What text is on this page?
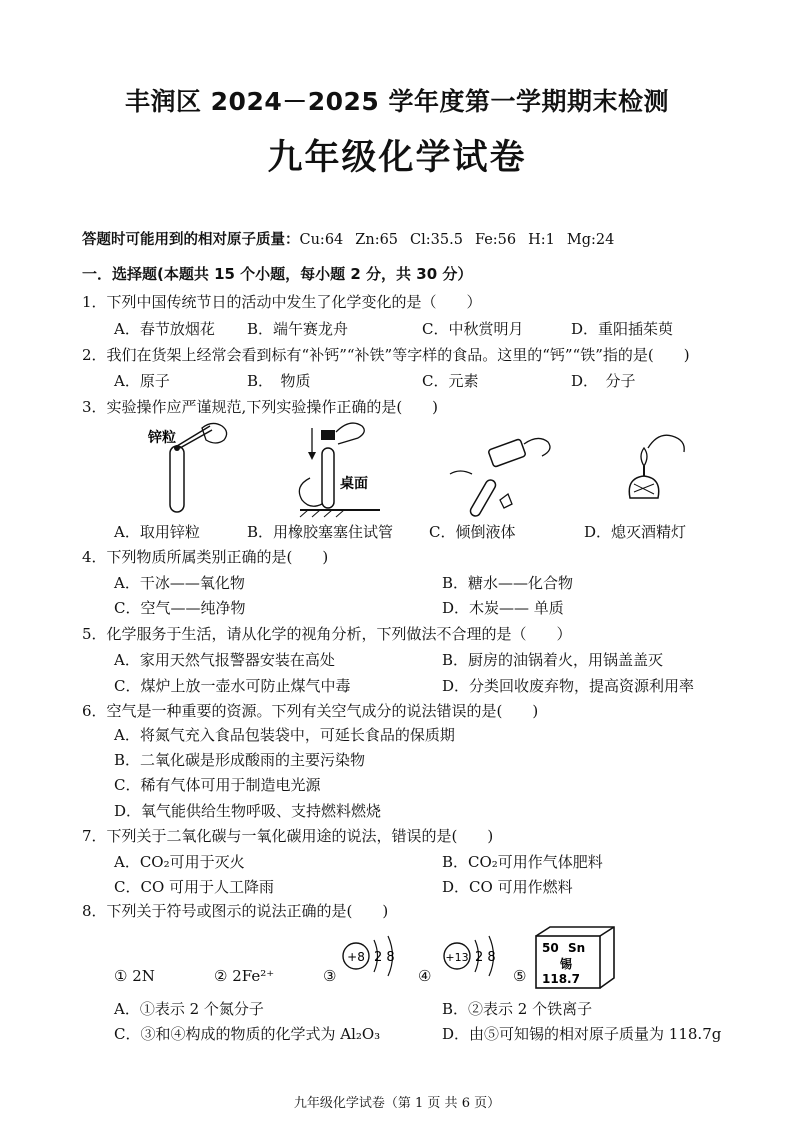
丰润区 2024－2025 学年度第一学期期末检测
九年级化学试卷
答题时可能用到的相对原子质量：Cu:64 Zn:65 Cl:35.5 Fe:56 H:1 Mg:24
一．选择题(本题共 15 个小题，每小题 2 分，共 30 分）
1．下列中国传统节日的活动中发生了化学变化的是（　　）
A．春节放烟花 B．端午赛龙舟	C．中秋赏明月	D．重阳插茱萸
2．我们在货架上经常会看到标有“补钙”“补铁”等字样的食品。这里的“钙”“铁”指的是(　　)
A．原子	B．　物质	C．元素	D．　分子
3．实验操作应严谨规范,下列实验操作正确的是(　　)
锌粒
桌面
A．取用锌粒	B．用橡胶塞塞住试管 C．倾倒液体	D．熄灭酒精灯
4．下列物质所属类别正确的是(　　)
A．干冰——氧化物	B．糖水——化合物
C．空气——纯净物	D．木炭—— 单质
5．化学服务于生活，请从化学的视角分析，下列做法不合理的是（　　）
A．家用天然气报警器安装在高处	B．厨房的油锅着火，用锅盖盖灭
C．煤炉上放一壶水可防止煤气中毒	D．分类回收废弃物，提高资源利用率
6．空气是一种重要的资源。下列有关空气成分的说法错误的是(　　)
A．将氮气充入食品包装袋中，可延长食品的保质期
B．二氧化碳是形成酸雨的主要污染物
C．稀有气体可用于制造电光源
D．氧气能供给生物呼吸、支持燃料燃烧
7．下列关于二氧化碳与一氧化碳用途的说法，错误的是(　　)
A．CO₂可用于灭火	B．CO₂可用作气体肥料
C．CO 可用于人工降雨	D．CO 可用作燃料
8．下列关于符号或图示的说法正确的是(　　)
① 2N	② 2Fe²⁺	③	④	⑤
+8 2 8	+13 2 8
50 Sn
锡
118.7
A．①表示 2 个氮分子	B．②表示 2 个铁离子
C．③和④构成的物质的化学式为 Al₂O₃	D．由⑤可知锡的相对原子质量为 118.7g
九年级化学试卷（第 1 页 共 6 页）
